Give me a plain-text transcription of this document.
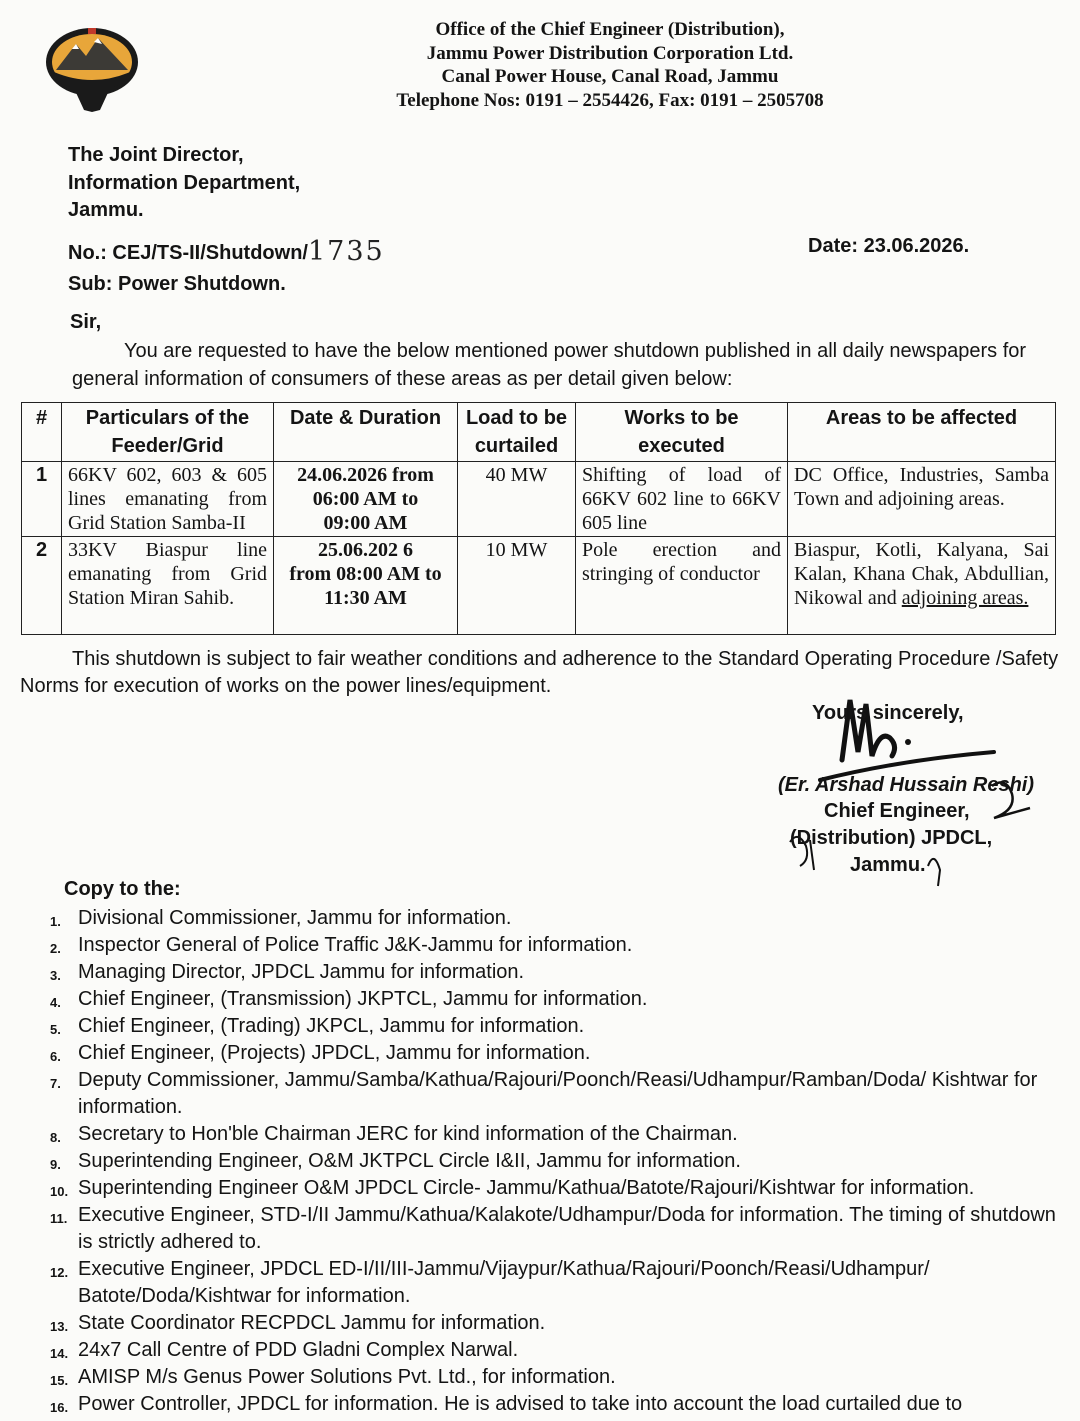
Office of the Chief Engineer (Distribution),
Jammu Power Distribution Corporation Ltd.
Canal Power House, Canal Road, Jammu
Telephone Nos: 0191 – 2554426, Fax: 0191 – 2505708
The Joint Director,
Information Department,
Jammu.
No.: CEJ/TS-II/Shutdown/1735	Date: 23.06.2026.
Sub: Power Shutdown.
Sir,
You are requested to have the below mentioned power shutdown published in all daily newspapers for general information of consumers of these areas as per detail given below:
#	Particulars of the Feeder/Grid	Date & Duration	Load to be curtailed	Works to be executed	Areas to be affected
1	66KV 602, 603 & 605 lines emanating from Grid Station Samba-II	24.06.2026 from
06:00 AM to
09:00 AM	40 MW	Shifting of load of 66KV 602 line to 66KV 605 line	DC Office, Industries, Samba Town and adjoining areas.
2	33KV Biaspur line emanating from Grid Station Miran Sahib.	25.06.202 6
from 08:00 AM to
11:30 AM	10 MW	Pole erection and stringing of conductor	Biaspur, Kotli, Kalyana, Sai Kalan, Khana Chak, Abdullian, Nikowal and adjoining areas.
This shutdown is subject to fair weather conditions and adherence to the Standard Operating Procedure /Safety Norms for execution of works on the power lines/equipment.
Yours sincerely,
(Er. Arshad Hussain Reshi)
Chief Engineer,
(Distribution) JPDCL,
Jammu.
Copy to the:
1. Divisional Commissioner, Jammu for information.
2. Inspector General of Police Traffic J&K-Jammu for information.
3. Managing Director, JPDCL Jammu for information.
4. Chief Engineer, (Transmission) JKPTCL, Jammu for information.
5. Chief Engineer, (Trading) JKPCL, Jammu for information.
6. Chief Engineer, (Projects) JPDCL, Jammu for information.
7. Deputy Commissioner, Jammu/Samba/Kathua/Rajouri/Poonch/Reasi/Udhampur/Ramban/Doda/ Kishtwar for information.
8. Secretary to Hon'ble Chairman JERC for kind information of the Chairman.
9. Superintending Engineer, O&M JKTPCL Circle I&II, Jammu for information.
10. Superintending Engineer O&M JPDCL Circle- Jammu/Kathua/Batote/Rajouri/Kishtwar for information.
11. Executive Engineer, STD-I/II Jammu/Kathua/Kalakote/Udhampur/Doda for information. The timing of shutdown is strictly adhered to.
12. Executive Engineer, JPDCL ED-I/II/III-Jammu/Vijaypur/Kathua/Rajouri/Poonch/Reasi/Udhampur/ Batote/Doda/Kishtwar for information.
13. State Coordinator RECPDCL Jammu for information.
14. 24x7 Call Centre of PDD Gladni Complex Narwal.
15. AMISP M/s Genus Power Solutions Pvt. Ltd., for information.
16. Power Controller, JPDCL for information. He is advised to take into account the load curtailed due to
